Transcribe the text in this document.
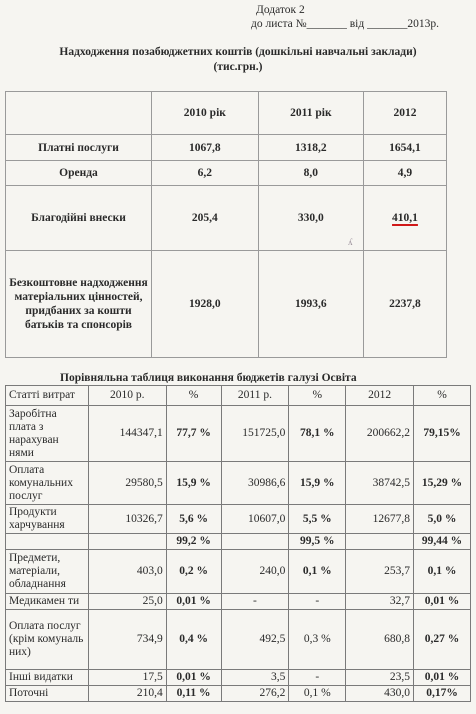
Додаток 2
до листа №_______ від _______2013р.
Надходження позабюджетних коштів (дошкільні навчальні заклади)
(тис.грн.)
	2010 рік	2011 рік	2012
Платні послуги	1067,8	1318,2	1654,1
Оренда	6,2	8,0	4,9
Благодійні внески	205,4	330,0	410,1
Безкоштовне надходження матеріальних цінностей, придбаних за кошти батьків та спонсорів	1928,0	1993,6	2237,8
ʎ
Порівняльна таблиця виконання бюджетів галузі Освіта
Статті витрат	2010 р.	%	2011 р.	%	2012	%
Заробітна плата з нарахуван нями	144347,1	77,7 %	151725,0	78,1 %	200662,2	79,15%
Оплата комунальних послуг	29580,5	15,9 %	30986,6	15,9 %	38742,5	15,29 %
Продукти харчування	10326,7	5,6 %	10607,0	5,5 %	12677,8	5,0 %
		99,2 %		99,5 %		99,44 %
Предмети, матеріали, обладнання	403,0	0,2 %	240,0	0,1 %	253,7	0,1 %
Медикамен ти	25,0	0,01 %	-	-	32,7	0,01 %
Оплата послуг (крім комуналь них)	734,9	0,4 %	492,5	0,3 %	680,8	0,27 %
Інші видатки	17,5	0,01 %	3,5	-	23,5	0,01 %
Поточні	210,4	0,11 %	276,2	0,1 %	430,0	0,17%
